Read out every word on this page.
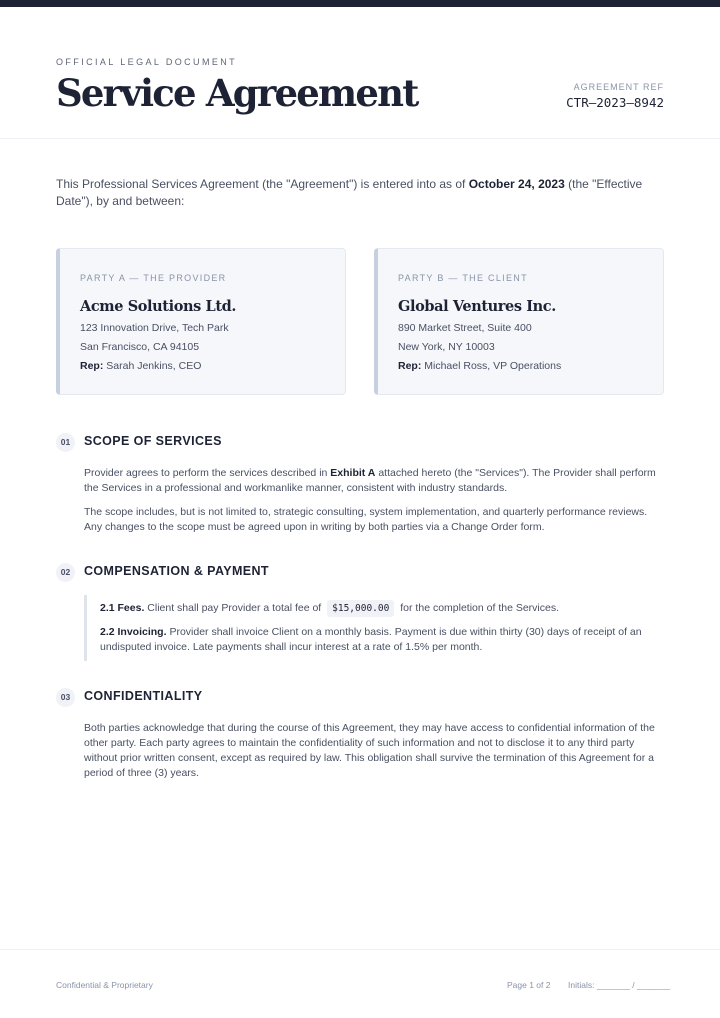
OFFICIAL LEGAL DOCUMENT
Service Agreement	AGREEMENT REF
CTR–2023–8942

This Professional Services Agreement (the "Agreement") is entered into as of October 24, 2023 (the "Effective Date"), by and between:

PARTY A — THE PROVIDER
Acme Solutions Ltd.
123 Innovation Drive, Tech Park
San Francisco, CA 94105
Rep: Sarah Jenkins, CEO
PARTY B — THE CLIENT
Global Ventures Inc.
890 Market Street, Suite 400
New York, NY 10003
Rep: Michael Ross, VP Operations
01	SCOPE OF SERVICES

Provider agrees to perform the services described in Exhibit A attached hereto (the "Services"). The Provider shall perform the Services in a professional and workmanlike manner, consistent with industry standards.

The scope includes, but is not limited to, strategic consulting, system implementation, and quarterly performance reviews. Any changes to the scope must be agreed upon in writing by both parties via a Change Order form.

02	COMPENSATION & PAYMENT

2.1 Fees. Client shall pay Provider a total fee of $15,000.00 for the completion of the Services.

2.2 Invoicing. Provider shall invoice Client on a monthly basis. Payment is due within thirty (30) days of receipt of an undisputed invoice. Late payments shall incur interest at a rate of 1.5% per month.

03	CONFIDENTIALITY

Both parties acknowledge that during the course of this Agreement, they may have access to confidential information of the other party. Each party agrees to maintain the confidentiality of such information and not to disclose it to any third party without prior written consent, except as required by law. This obligation shall survive the termination of this Agreement for a period of three (3) years.

Confidential & Proprietary	Page 1 of 2 Initials: _______ / _______
